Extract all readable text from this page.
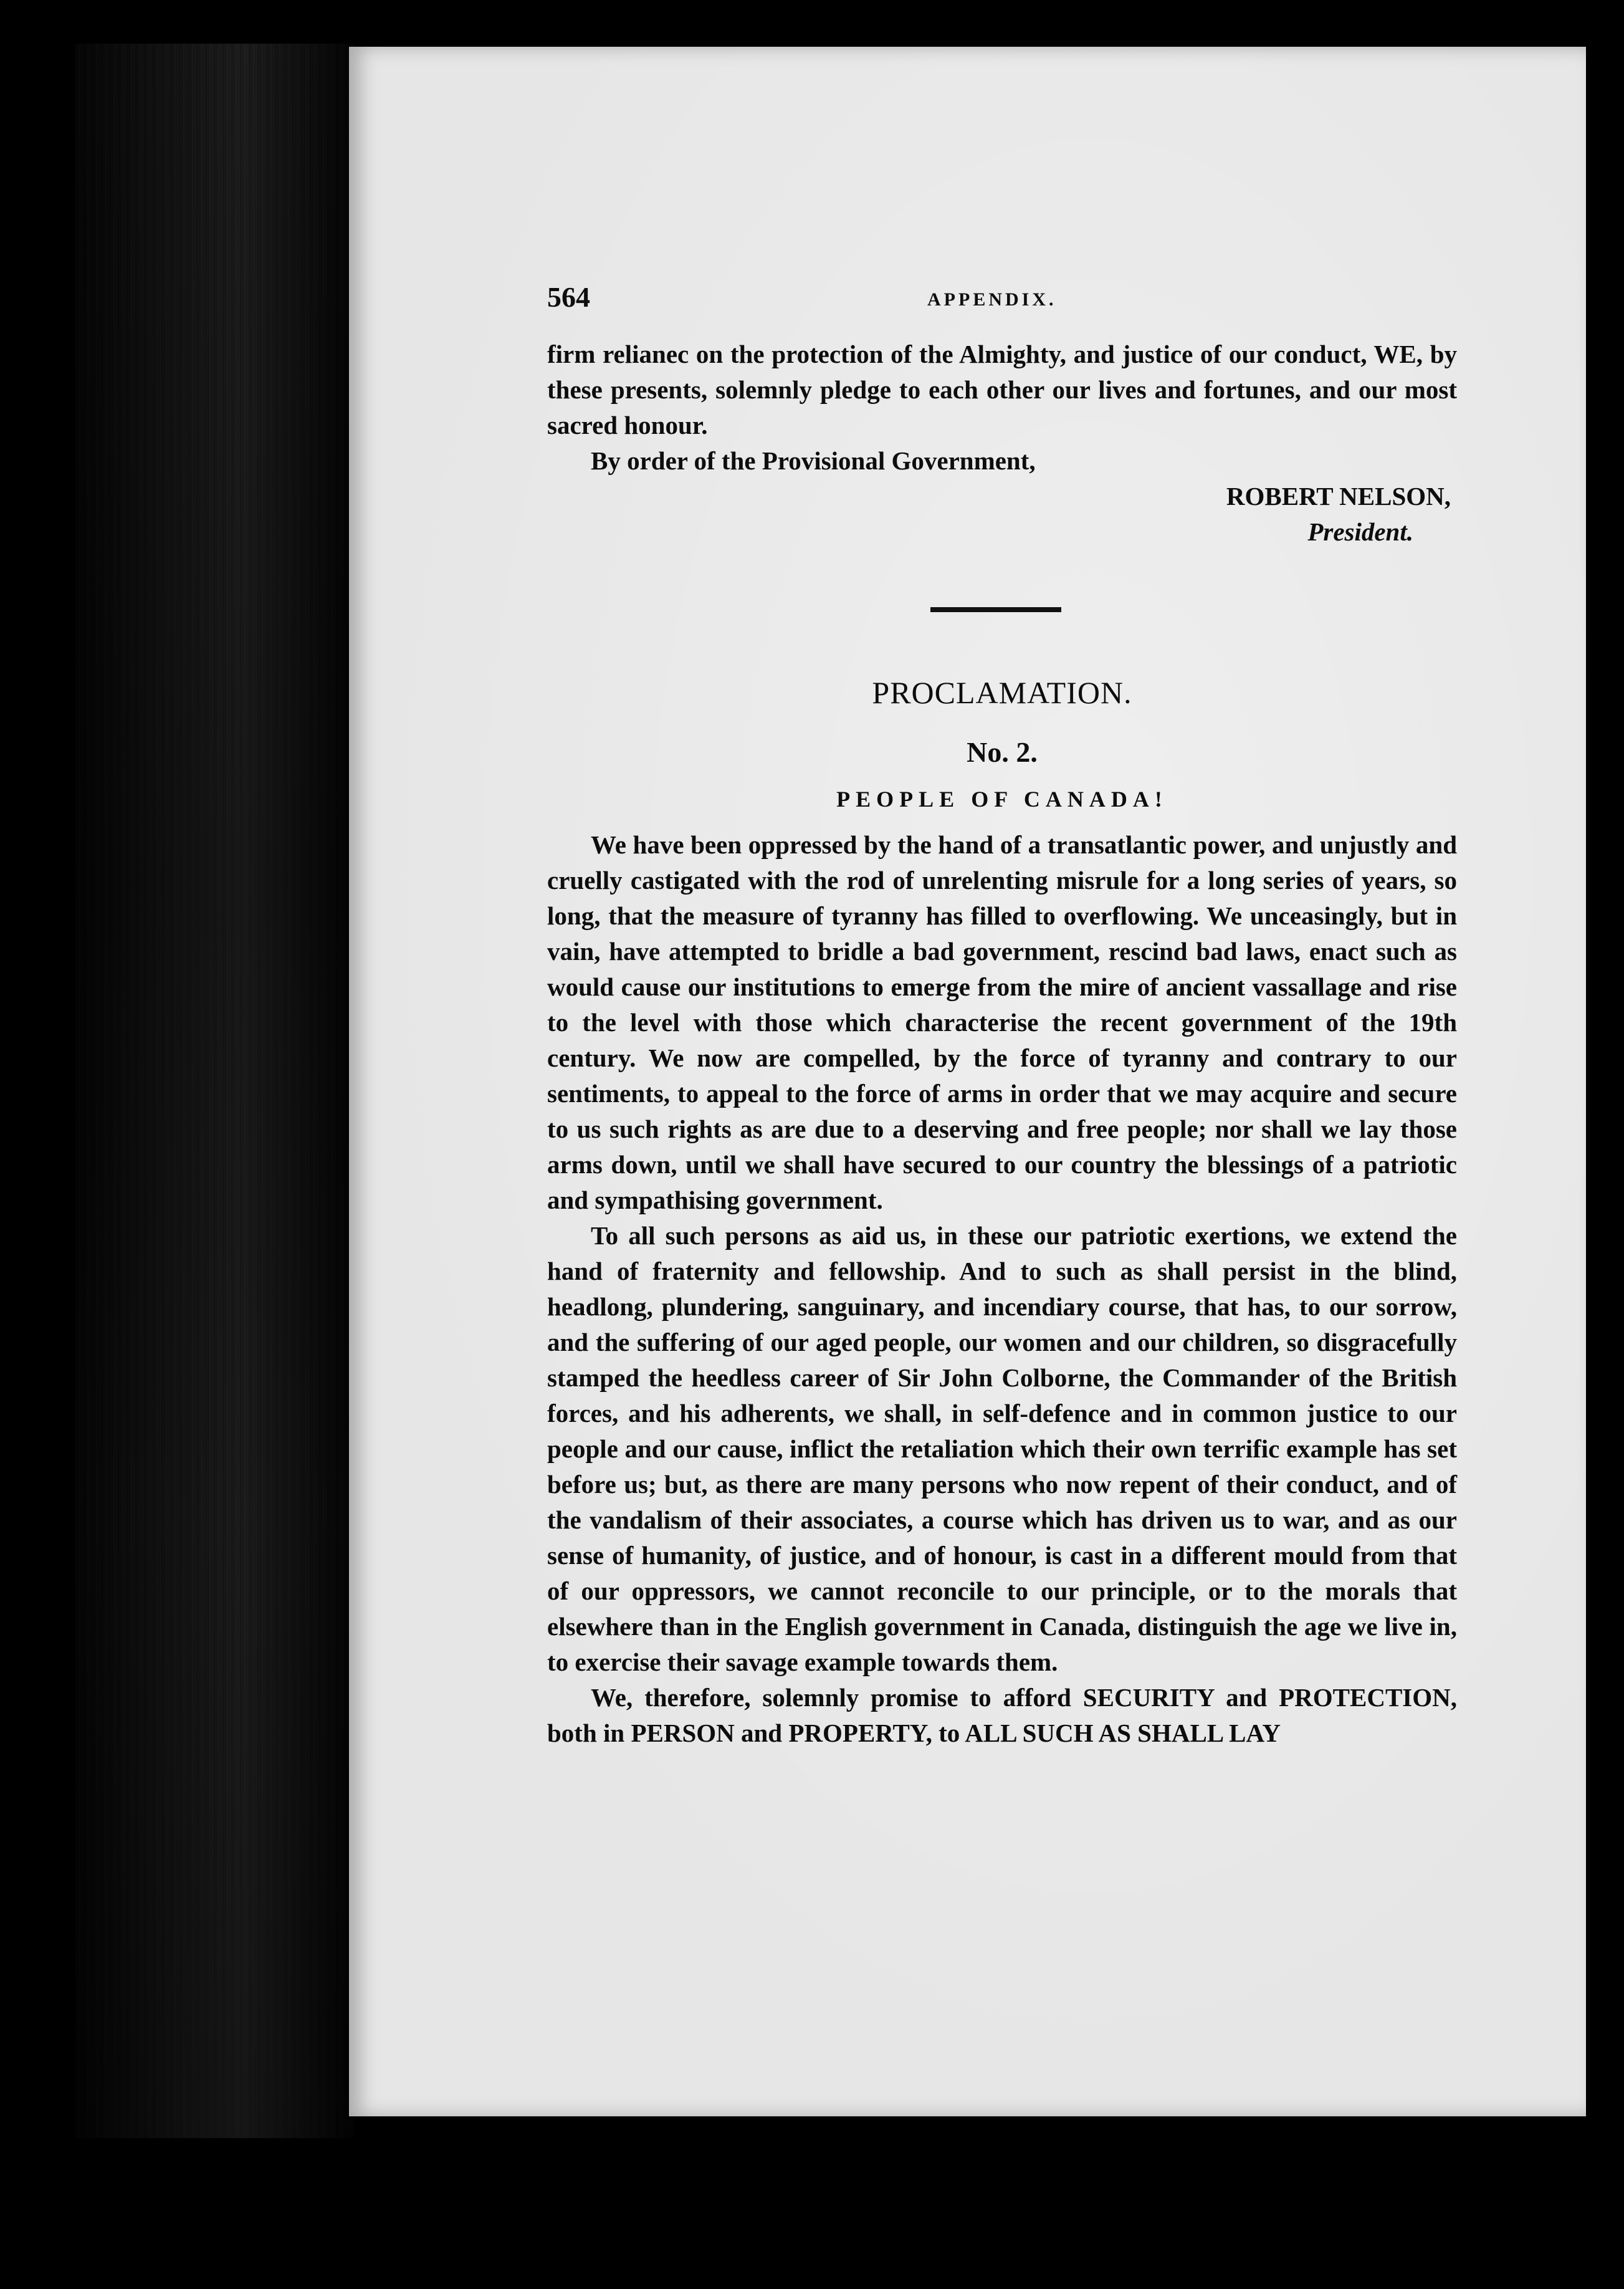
564	APPENDIX.

firm relianec on the protection of the Almighty, and justice of our conduct, WE, by these presents, solemnly pledge to each other our lives and fortunes, and our most sacred honour.

By order of the Provisional Government,

ROBERT NELSON,
President.
PROCLAMATION.
No. 2.
PEOPLE OF CANADA!

We have been oppressed by the hand of a transatlantic power, and unjustly and cruelly castigated with the rod of unrelenting misrule for a long series of years, so long, that the measure of tyranny has filled to overflowing. We unceasingly, but in vain, have attempted to bridle a bad government, rescind bad laws, enact such as would cause our institutions to emerge from the mire of ancient vassallage and rise to the level with those which characterise the recent government of the 19th century. We now are compelled, by the force of tyranny and contrary to our sentiments, to appeal to the force of arms in order that we may acquire and secure to us such rights as are due to a deserving and free people; nor shall we lay those arms down, until we shall have secured to our country the blessings of a patriotic and sympathising government.

To all such persons as aid us, in these our patriotic exertions, we extend the hand of fraternity and fellowship. And to such as shall persist in the blind, headlong, plundering, sanguinary, and incendiary course, that has, to our sorrow, and the suffering of our aged people, our women and our children, so disgracefully stamped the heedless career of Sir John Colborne, the Commander of the British forces, and his adherents, we shall, in self-defence and in common justice to our people and our cause, inflict the retaliation which their own terrific example has set before us; but, as there are many persons who now repent of their conduct, and of the vandalism of their associates, a course which has driven us to war, and as our sense of humanity, of justice, and of honour, is cast in a different mould from that of our oppressors, we cannot reconcile to our principle, or to the morals that elsewhere than in the English government in Canada, distinguish the age we live in, to exercise their savage example towards them.

We, therefore, solemnly promise to afford SECURITY and PROTECTION, both in PERSON and PROPERTY, to ALL SUCH AS SHALL LAY
